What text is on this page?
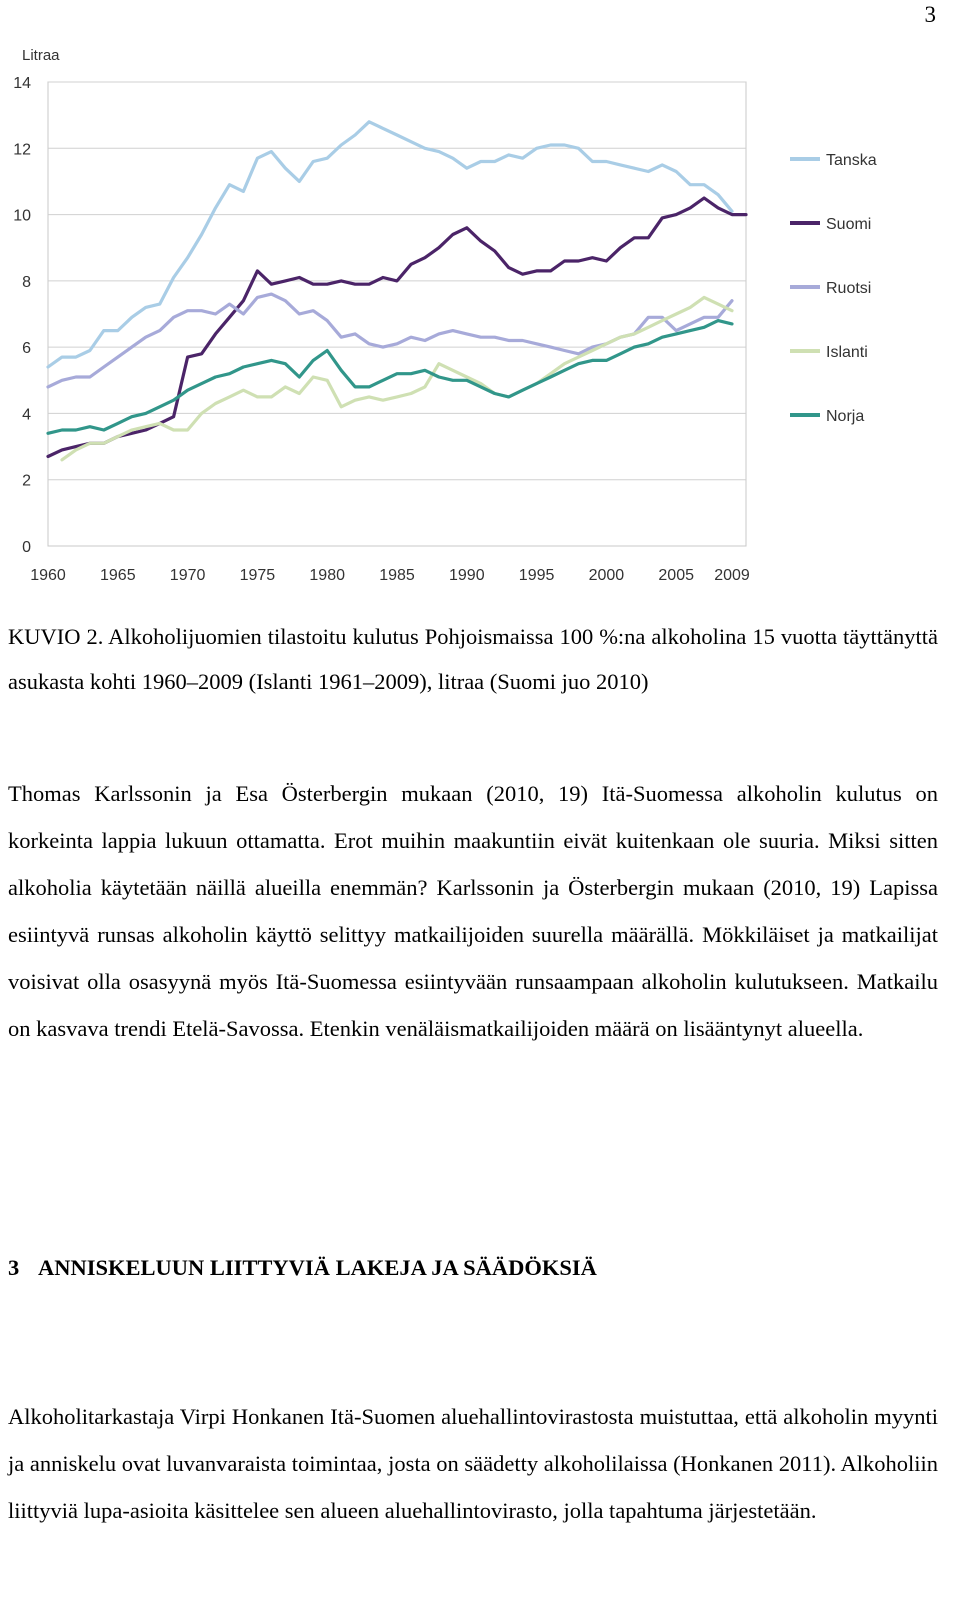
3
0
2
4
6
8
10
12
14
Litraa
1960 1965 1970 1975 1980 1985 1990 1995 2000 2005 2009
Tanska
Suomi
Ruotsi
Islanti
Norja
KUVIO 2. Alkoholijuomien tilastoitu kulutus Pohjoismaissa 100 %:na alkoholina 15 vuotta täyttänyttä asukasta kohti 1960–2009 (Islanti 1961–2009), litraa (Suomi juo 2010)
Thomas Karlssonin ja Esa Österbergin mukaan (2010, 19) Itä-Suomessa alkoholin kulutus on korkeinta lappia lukuun ottamatta. Erot muihin maakuntiin eivät kuitenkaan ole suuria. Miksi sitten alkoholia käytetään näillä alueilla enemmän? Karlssonin ja Österbergin mukaan (2010, 19) Lapissa esiintyvä runsas alkoholin käyttö selittyy matkailijoiden suurella määrällä. Mökkiläiset ja matkailijat voisivat olla osasyynä myös Itä-Suomessa esiintyvään runsaampaan alkoholin kulutukseen. Matkailu on kasvava trendi Etelä-Savossa. Etenkin venäläismatkailijoiden määrä on lisääntynyt alueella.
3 ANNISKELUUN LIITTYVIÄ LAKEJA JA SÄÄDÖKSIÄ
Alkoholitarkastaja Virpi Honkanen Itä-Suomen aluehallintovirastosta muistuttaa, että alkoholin myynti ja anniskelu ovat luvanvaraista toimintaa, josta on säädetty alkoholilaissa (Honkanen 2011). Alkoholiin liittyviä lupa-asioita käsittelee sen alueen aluehallintovirasto, jolla tapahtuma järjestetään.
